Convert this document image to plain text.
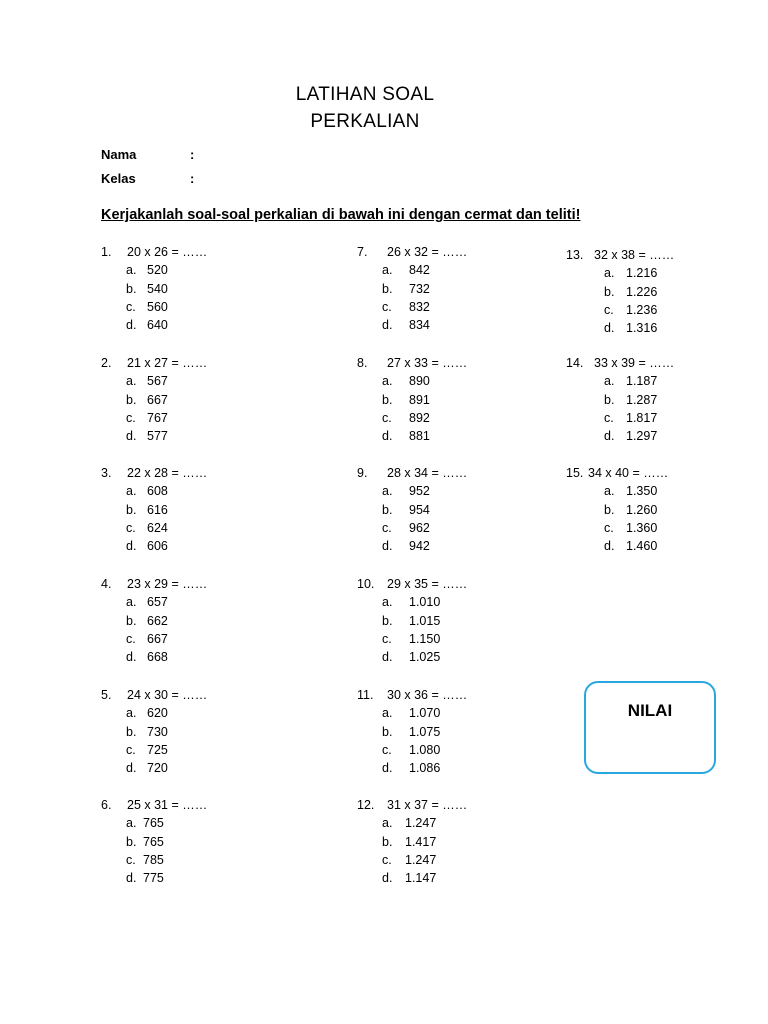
LATIHAN SOAL
PERKALIAN
Nama	:
Kelas	:
Kerjakanlah soal-soal perkalian di bawah ini dengan cermat dan teliti!
1. 20 x 26 = ……
a. 520
b. 540
c. 560
d. 640
2. 21 x 27 = ……
a. 567
b. 667
c. 767
d. 577
3. 22 x 28 = ……
a. 608
b. 616
c. 624
d. 606
4. 23 x 29 = ……
a. 657
b. 662
c. 667
d. 668
5. 24 x 30 = ……
a. 620
b. 730
c. 725
d. 720
6. 25 x 31 = ……
a. 765
b. 765
c. 785
d. 775
7. 26 x 32 = ……
a. 842
b. 732
c. 832
d. 834
8. 27 x 33 = ……
a. 890
b. 891
c. 892
d. 881
9. 28 x 34 = ……
a. 952
b. 954
c. 962
d. 942
10. 29 x 35 = ……
a. 1.010
b. 1.015
c. 1.150
d. 1.025
11. 30 x 36 = ……
a. 1.070
b. 1.075
c. 1.080
d. 1.086
12. 31 x 37 = ……
a. 1.247
b. 1.417
c. 1.247
d. 1.147
13. 32 x 38 = ……
a. 1.216
b. 1.226
c. 1.236
d. 1.316
14. 33 x 39 = ……
a. 1.187
b. 1.287
c. 1.817
d. 1.297
15. 34 x 40 = ……
a. 1.350
b. 1.260
c. 1.360
d. 1.460
NILAI
